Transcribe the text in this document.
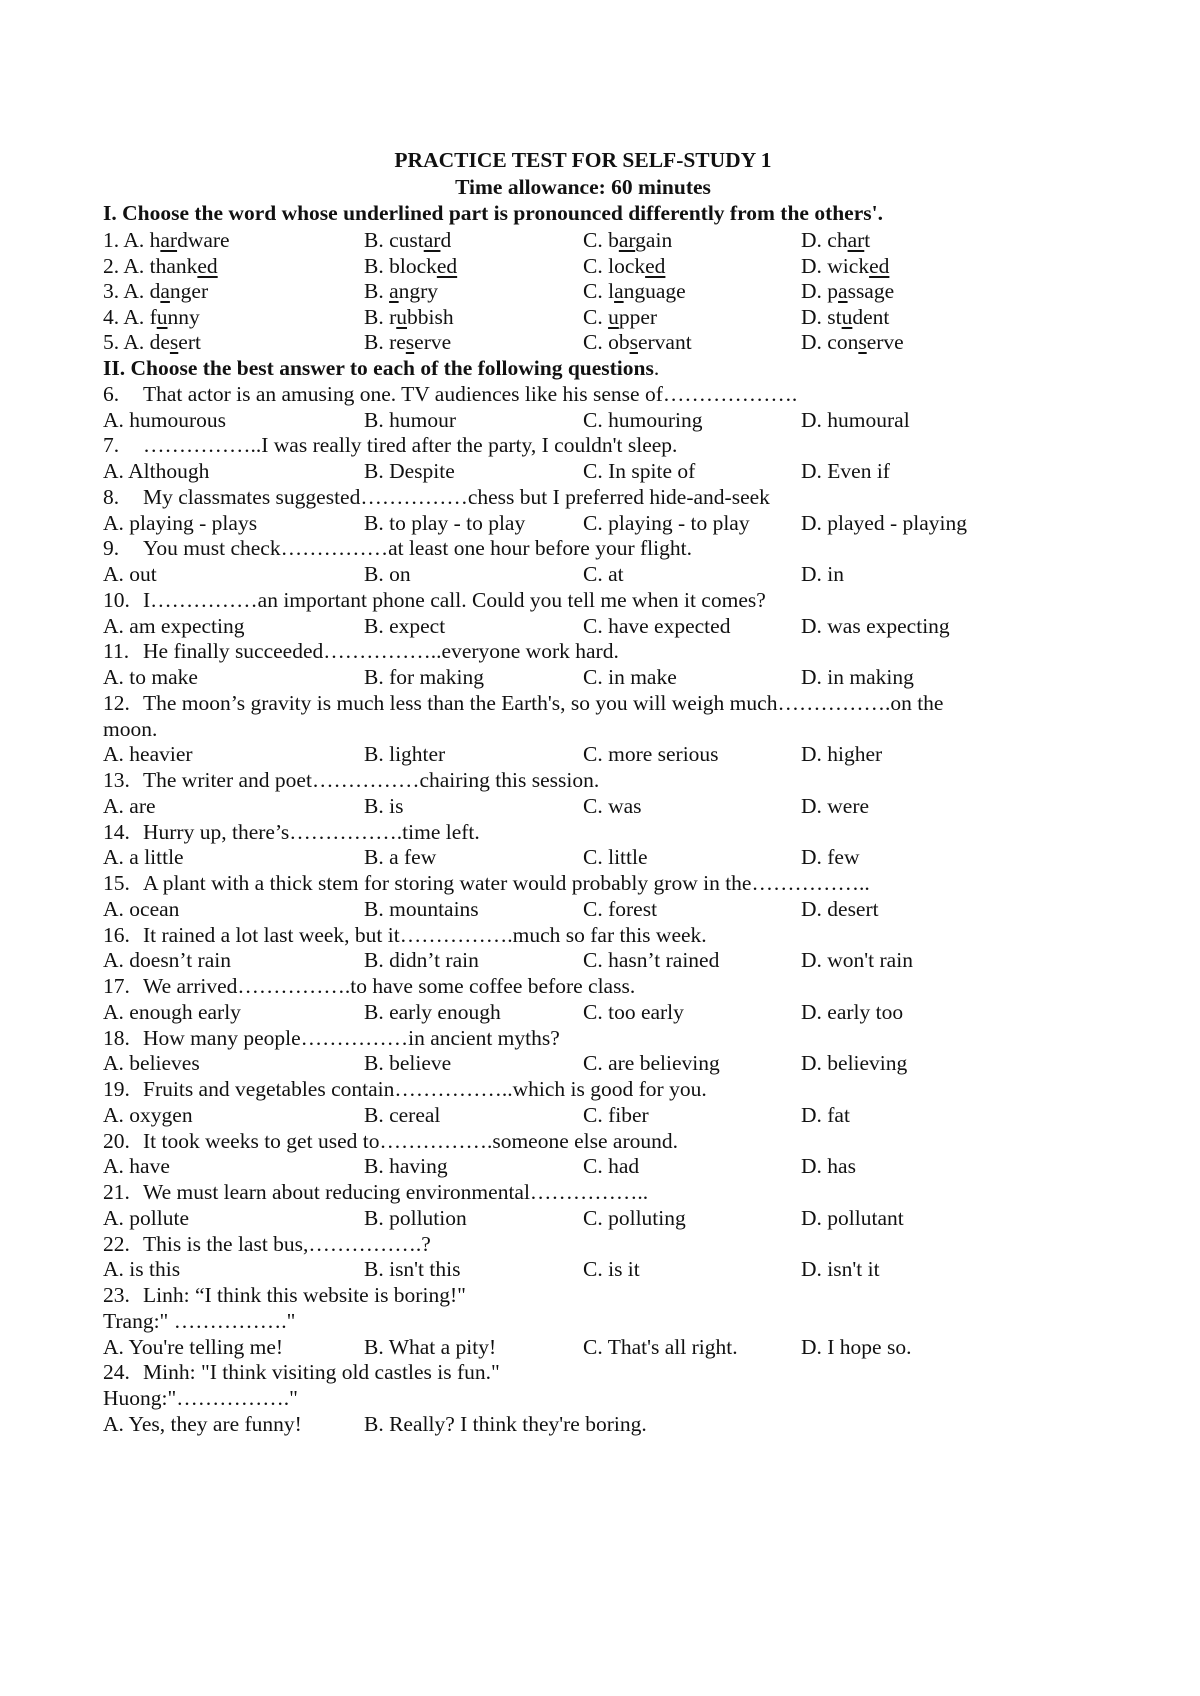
PRACTICE TEST FOR SELF-STUDY 1
Time allowance: 60 minutes
I. Choose the word whose underlined part is pronounced differently from the others'.
1. A. hardware	B. custard	C. bargain	D. chart
2. A. thanked	B. blocked	C. locked	D. wicked
3. A. danger	B. angry	C. language	D. passage
4. A. funny	B. rubbish	C. upper	D. student
5. A. desert	B. reserve	C. observant	D. conserve
II. Choose the best answer to each of the following questions.
6. That actor is an amusing one. TV audiences like his sense of……………….
A. humourous	B. humour	C. humouring	D. humoural
7. ……………..I was really tired after the party, I couldn't sleep.
A. Although	B. Despite	C. In spite of	D. Even if
8. My classmates suggested……………chess but I preferred hide-and-seek
A. playing - plays	B. to play - to play	C. playing - to play D. played - playing
9. You must check……………at least one hour before your flight.
A. out	B. on	C. at	D. in
10. I……………an important phone call. Could you tell me when it comes?
A. am expecting	B. expect	C. have expected	D. was expecting
11. He finally succeeded……………..everyone work hard.
A. to make	B. for making	C. in make	D. in making
12. The moon’s gravity is much less than the Earth's, so you will weigh much…………….on the
moon.
A. heavier	B. lighter	C. more serious	D. higher
13. The writer and poet……………chairing this session.
A. are	B. is	C. was	D. were
14. Hurry up, there’s…………….time left.
A. a little	B. a few	C. little	D. few
15. A plant with a thick stem for storing water would probably grow in the……………..
A. ocean	B. mountains	C. forest	D. desert
16. It rained a lot last week, but it…………….much so far this week.
A. doesn’t rain	B. didn’t rain	C. hasn’t rained	D. won't rain
17. We arrived…………….to have some coffee before class.
A. enough early	B. early enough	C. too early	D. early too
18. How many people……………in ancient myths?
A. believes	B. believe	C. are believing	D. believing
19. Fruits and vegetables contain……………..which is good for you.
A. oxygen	B. cereal	C. fiber	D. fat
20. It took weeks to get used to…………….someone else around.
A. have	B. having	C. had	D. has
21. We must learn about reducing environmental……………..
A. pollute	B. pollution	C. polluting	D. pollutant
22. This is the last bus,…………….?
A. is this	B. isn't this	C. is it	D. isn't it
23. Linh: “I think this website is boring!"
Trang:" ……………."
A. You're telling me!	B. What a pity!	C. That's all right.	D. I hope so.
24. Minh: "I think visiting old castles is fun."
Huong:"……………."
A. Yes, they are funny!	B. Really? I think they're boring.
